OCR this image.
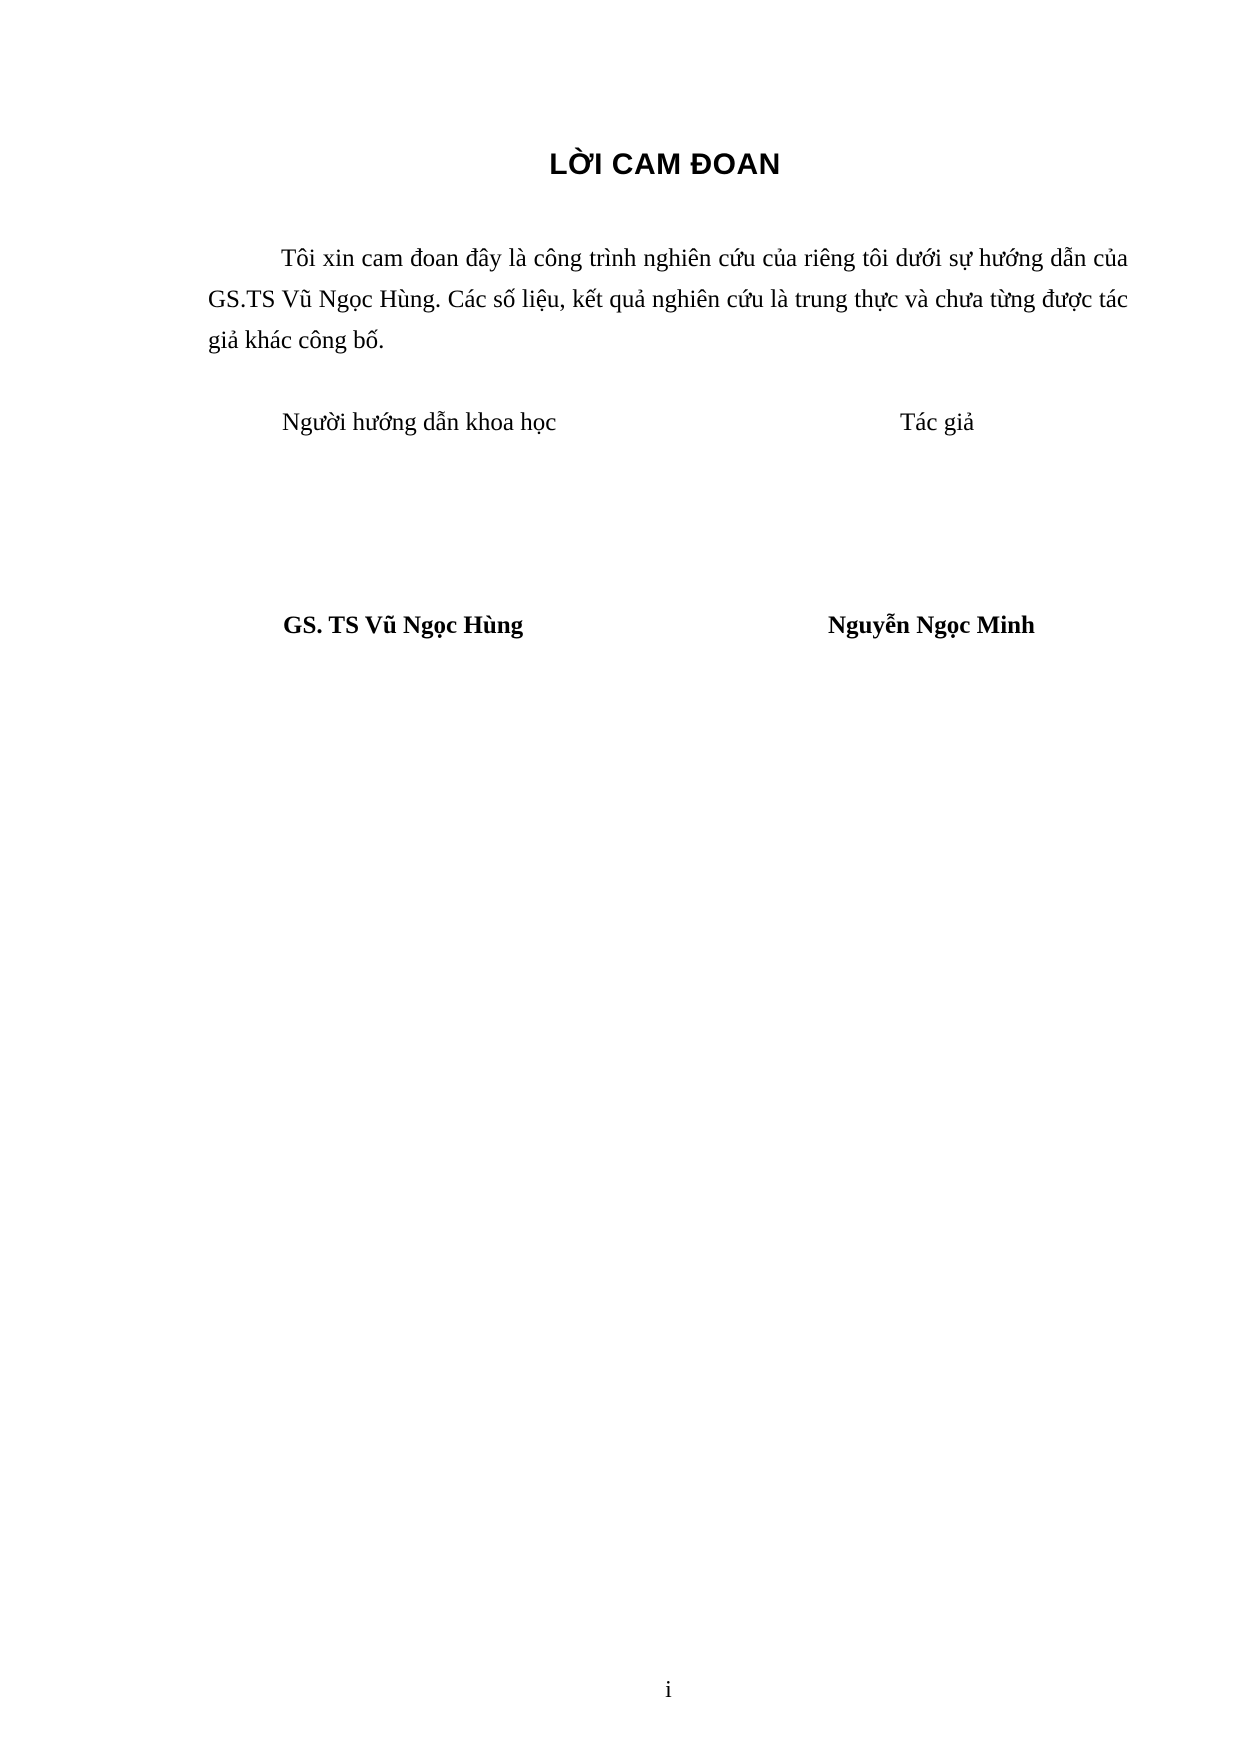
LỜI CAM ĐOAN

Tôi xin cam đoan đây là công trình nghiên cứu của riêng tôi dưới sự hướng dẫn của GS.TS Vũ Ngọc Hùng. Các số liệu, kết quả nghiên cứu là trung thực và chưa từng được tác giả khác công bố.

Người hướng dẫn khoa học	Tác giả

GS. TS Vũ Ngọc Hùng	Nguyễn Ngọc Minh

i
